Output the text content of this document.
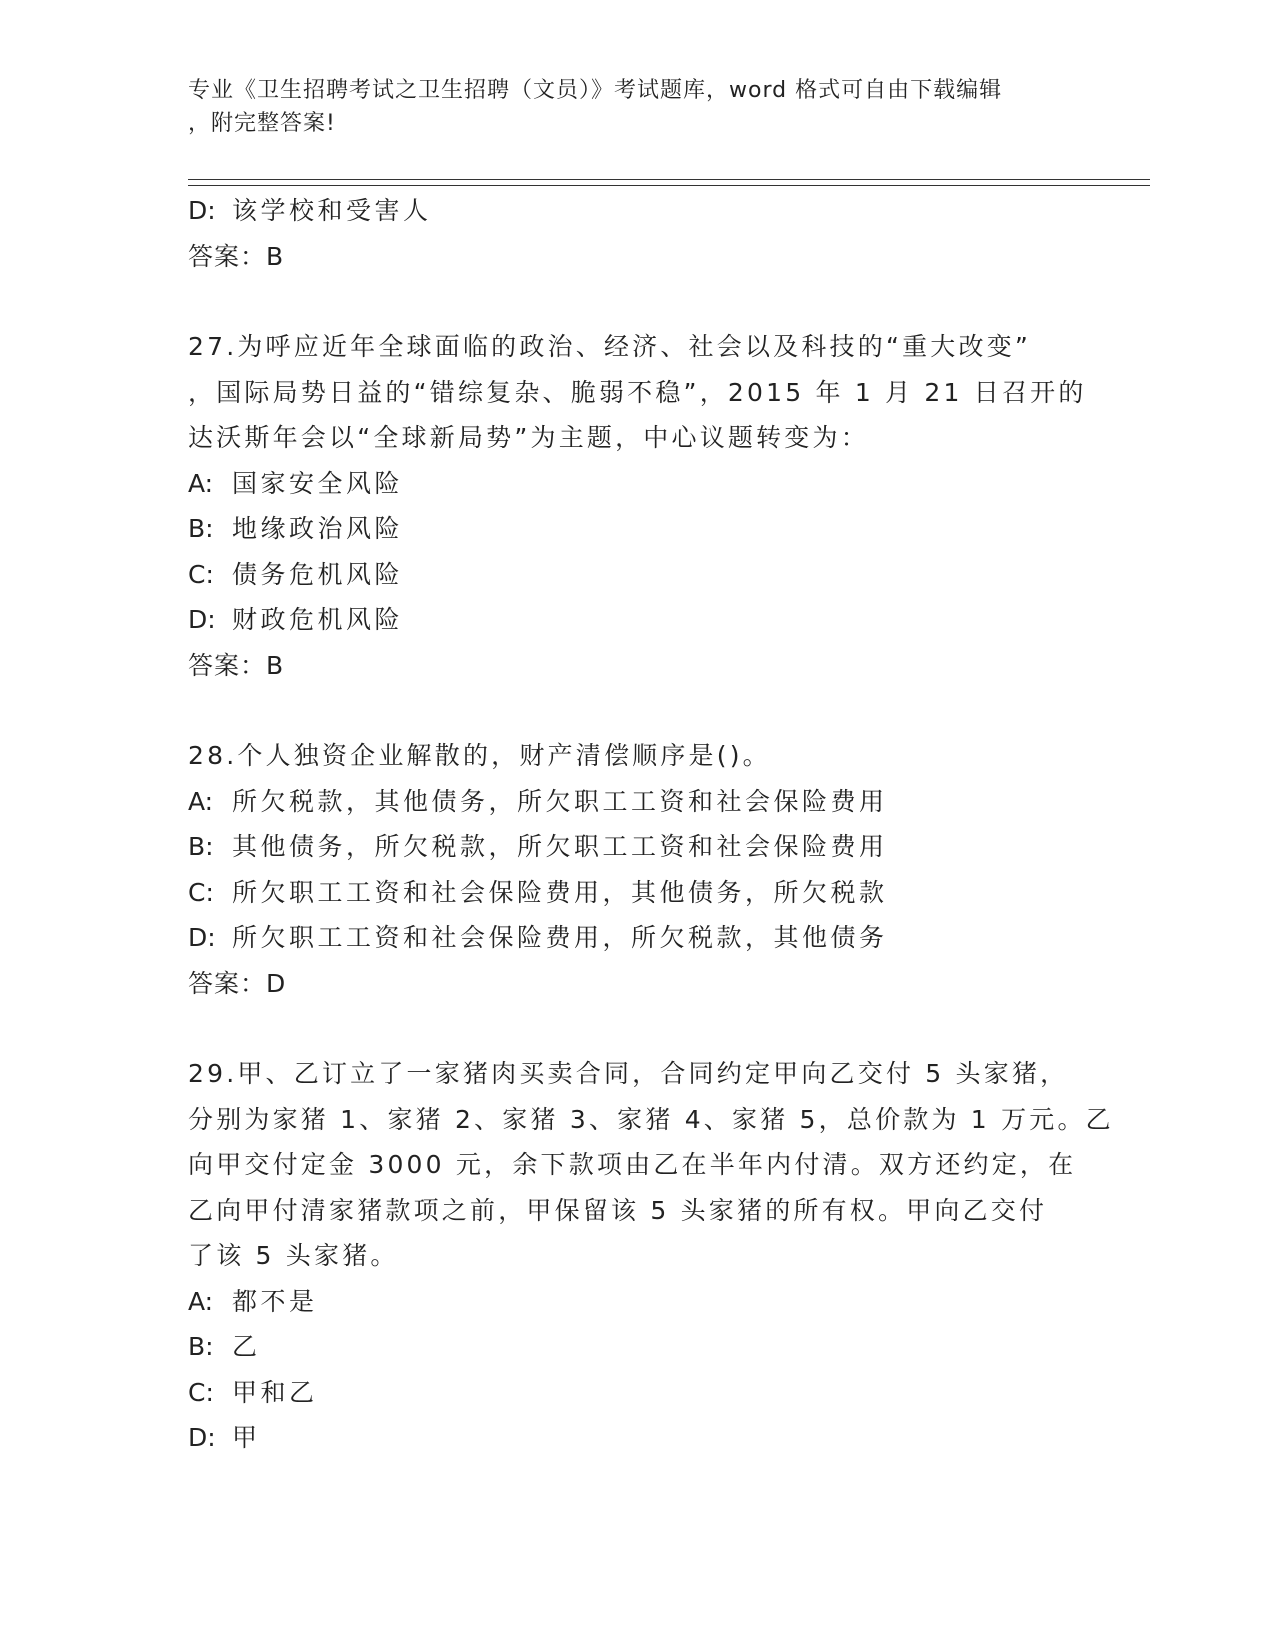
专业《卫生招聘考试之卫生招聘（文员）》考试题库，word 格式可自由下载编辑
，附完整答案!
D: 该学校和受害人
答案：B
27.为呼应近年全球面临的政治、经济、社会以及科技的“重大改变”
，国际局势日益的“错综复杂、脆弱不稳”，2015 年 1 月 21 日召开的
达沃斯年会以“全球新局势”为主题，中心议题转变为：
A: 国家安全风险
B: 地缘政治风险
C: 债务危机风险
D: 财政危机风险
答案：B
28.个人独资企业解散的，财产清偿顺序是()。
A: 所欠税款，其他债务，所欠职工工资和社会保险费用
B: 其他债务，所欠税款，所欠职工工资和社会保险费用
C: 所欠职工工资和社会保险费用，其他债务，所欠税款
D: 所欠职工工资和社会保险费用，所欠税款，其他债务
答案：D
29.甲、乙订立了一家猪肉买卖合同，合同约定甲向乙交付 5 头家猪，
分别为家猪 1、家猪 2、家猪 3、家猪 4、家猪 5，总价款为 1 万元。乙
向甲交付定金 3000 元，余下款项由乙在半年内付清。双方还约定，在
乙向甲付清家猪款项之前，甲保留该 5 头家猪的所有权。甲向乙交付
了该 5 头家猪。
A: 都不是
B: 乙
C: 甲和乙
D: 甲
